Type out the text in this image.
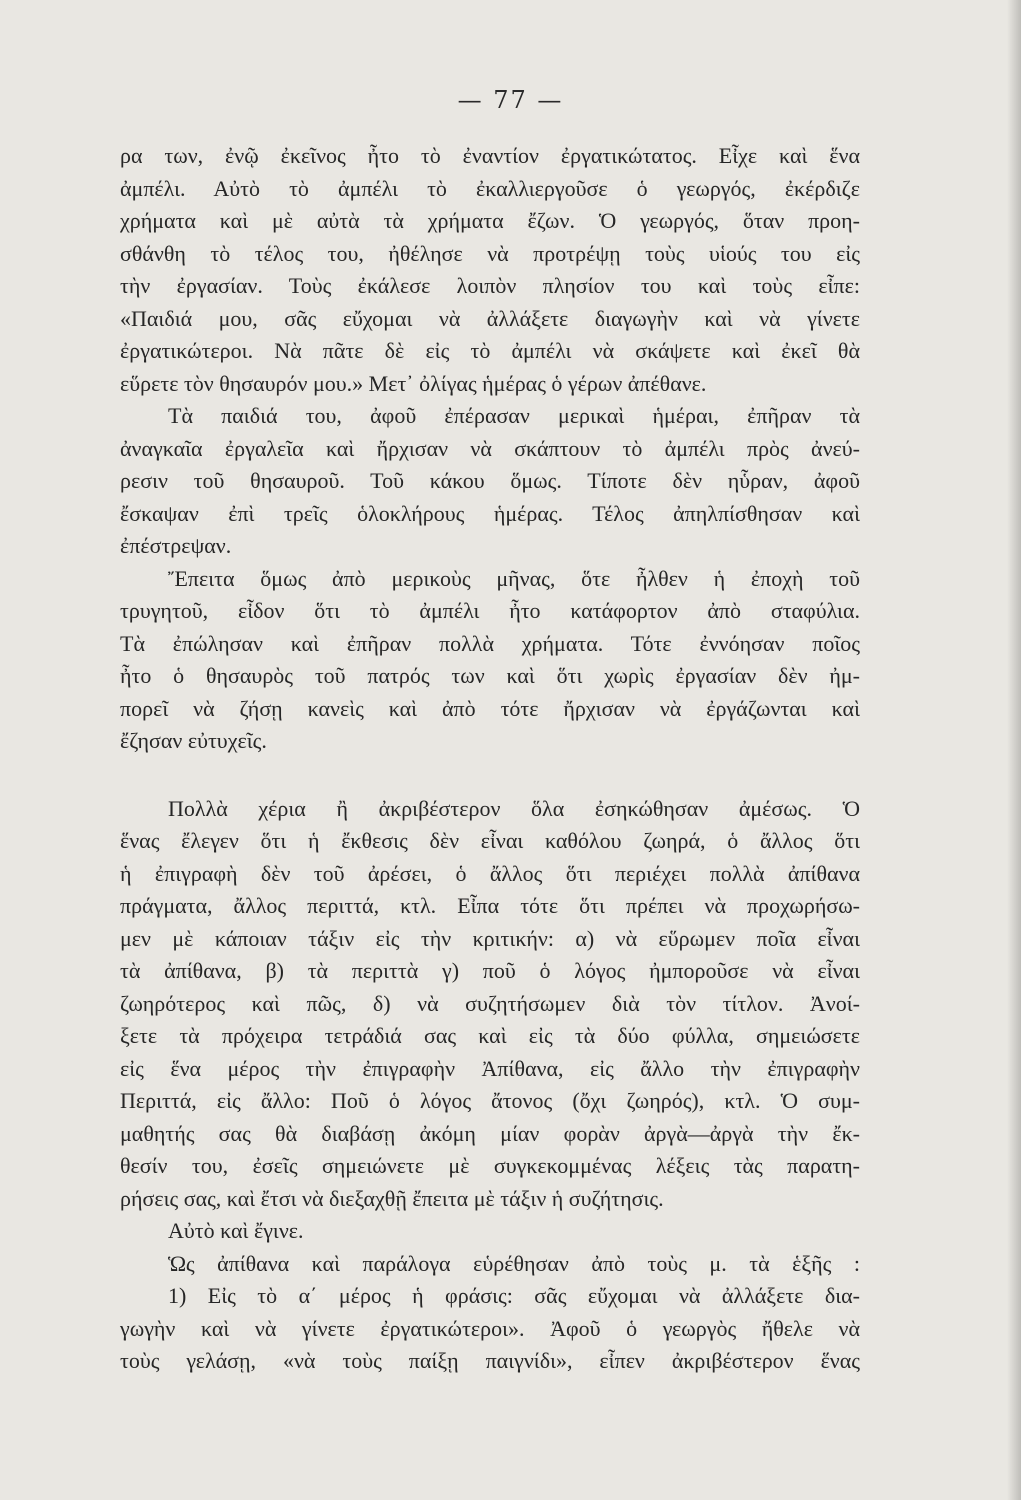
— 77 —
ρα των, ἐνῷ ἐκεῖνος ἦτο τὸ ἐναντίον ἐργατικώτατος. Εἶχε καὶ ἕνα
ἀμπέλι. Αὐτὸ τὸ ἀμπέλι τὸ ἐκαλλιεργοῦσε ὁ γεωργός, ἐκέρδιζε
χρήματα καὶ μὲ αὐτὰ τὰ χρήματα ἔζων. Ὁ γεωργός, ὅταν προη-
σθάνθη τὸ τέλος του, ἠθέλησε νὰ προτρέψῃ τοὺς υἱούς του εἰς
τὴν ἐργασίαν. Τοὺς ἐκάλεσε λοιπὸν πλησίον του καὶ τοὺς εἶπε:
«Παιδιά μου, σᾶς εὔχομαι νὰ ἀλλάξετε διαγωγὴν καὶ νὰ γίνετε
ἐργατικώτεροι. Νὰ πᾶτε δὲ εἰς τὸ ἀμπέλι νὰ σκάψετε καὶ ἐκεῖ θὰ
εὕρετε τὸν θησαυρόν μου.» Μετ᾽ ὀλίγας ἡμέρας ὁ γέρων ἀπέθανε.
Τὰ παιδιά του, ἀφοῦ ἐπέρασαν μερικαὶ ἡμέραι, ἐπῆραν τὰ
ἀναγκαῖα ἐργαλεῖα καὶ ἤρχισαν νὰ σκάπτουν τὸ ἀμπέλι πρὸς ἀνεύ-
ρεσιν τοῦ θησαυροῦ. Τοῦ κάκου ὅμως. Τίποτε δὲν ηὗραν, ἀφοῦ
ἔσκαψαν ἐπὶ τρεῖς ὁλοκλήρους ἡμέρας. Τέλος ἀπηλπίσθησαν καὶ
ἐπέστρεψαν.
Ἔπειτα ὅμως ἀπὸ μερικοὺς μῆνας, ὅτε ἦλθεν ἡ ἐποχὴ τοῦ
τρυγητοῦ, εἶδον ὅτι τὸ ἀμπέλι ἦτο κατάφορτον ἀπὸ σταφύλια.
Τὰ ἐπώλησαν καὶ ἐπῆραν πολλὰ χρήματα. Τότε ἐννόησαν ποῖος
ἦτο ὁ θησαυρὸς τοῦ πατρός των καὶ ὅτι χωρὶς ἐργασίαν δὲν ἠμ-
πορεῖ νὰ ζήσῃ κανεὶς καὶ ἀπὸ τότε ἤρχισαν νὰ ἐργάζωνται καὶ
ἔζησαν εὐτυχεῖς.
Πολλὰ χέρια ἢ ἀκριβέστερον ὅλα ἐσηκώθησαν ἀμέσως. Ὁ
ἕνας ἔλεγεν ὅτι ἡ ἔκθεσις δὲν εἶναι καθόλου ζωηρά, ὁ ἄλλος ὅτι
ἡ ἐπιγραφὴ δὲν τοῦ ἀρέσει, ὁ ἄλλος ὅτι περιέχει πολλὰ ἀπίθανα
πράγματα, ἄλλος περιττά, κτλ. Εἶπα τότε ὅτι πρέπει νὰ προχωρήσω-
μεν μὲ κάποιαν τάξιν εἰς τὴν κριτικήν: α) νὰ εὕρωμεν ποῖα εἶναι
τὰ ἀπίθανα, β) τὰ περιττὰ γ) ποῦ ὁ λόγος ἠμποροῦσε νὰ εἶναι
ζωηρότερος καὶ πῶς, δ) νὰ συζητήσωμεν διὰ τὸν τίτλον. Ἀνοί-
ξετε τὰ πρόχειρα τετράδιά σας καὶ εἰς τὰ δύο φύλλα, σημειώσετε
εἰς ἕνα μέρος τὴν ἐπιγραφὴν Ἀπίθανα, εἰς ἄλλο τὴν ἐπιγραφὴν
Περιττά, εἰς ἄλλο: Ποῦ ὁ λόγος ἄτονος (ὄχι ζωηρός), κτλ. Ὁ συμ-
μαθητής σας θὰ διαβάσῃ ἀκόμη μίαν φορὰν ἀργὰ—ἀργὰ τὴν ἔκ-
θεσίν του, ἐσεῖς σημειώνετε μὲ συγκεκομμένας λέξεις τὰς παρατη-
ρήσεις σας, καὶ ἔτσι νὰ διεξαχθῇ ἔπειτα μὲ τάξιν ἡ συζήτησις.
Αὐτὸ καὶ ἔγινε.
Ὡς ἀπίθανα καὶ παράλογα εὑρέθησαν ἀπὸ τοὺς μ. τὰ ἑξῆς :
1) Εἰς τὸ α΄ μέρος ἡ φράσις: σᾶς εὔχομαι νὰ ἀλλάξετε δια-
γωγὴν καὶ νὰ γίνετε ἐργατικώτεροι». Ἀφοῦ ὁ γεωργὸς ἤθελε νὰ
τοὺς γελάσῃ, «νὰ τοὺς παίξῃ παιγνίδι», εἶπεν ἀκριβέστερον ἕνας
